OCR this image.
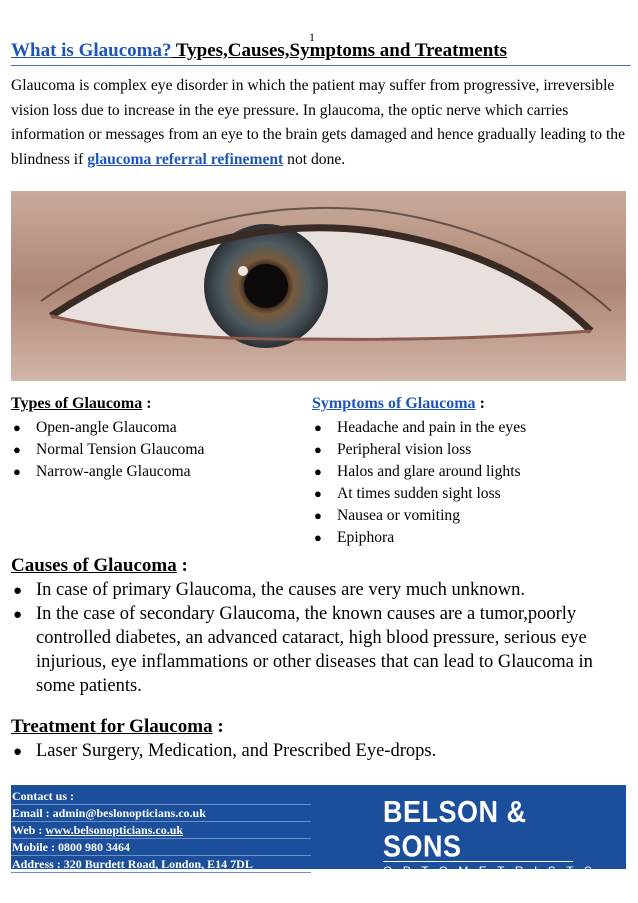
1
What is Glaucoma? Types,Causes,Symptoms and Treatments
Glaucoma is complex eye disorder in which the patient may suffer from progressive, irreversible vision loss due to increase in the eye pressure. In glaucoma, the optic nerve which carries information or messages from an eye to the brain gets damaged and hence gradually leading to the blindness if glaucoma referral refinement not done.
Types of Glaucoma :
● Open-angle Glaucoma
● Normal Tension Glaucoma
● Narrow-angle Glaucoma
Symptoms of Glaucoma :
● Headache and pain in the eyes
● Peripheral vision loss
● Halos and glare around lights
● At times sudden sight loss
● Nausea or vomiting
● Epiphora
Causes of Glaucoma :
● In case of primary Glaucoma, the causes are very much unknown.
● In the case of secondary Glaucoma, the known causes are a tumor,poorly controlled diabetes, an advanced cataract, high blood pressure, serious eye injurious, eye inflammations or other diseases that can lead to Glaucoma in some patients.
Treatment for Glaucoma :
● Laser Surgery, Medication, and Prescribed Eye-drops.
Contact us :
Email : admin@beslonopticians.co.uk
Web : www.belsonopticians.co.uk
Mobile : 0800 980 3464
Address : 320 Burdett Road, London, E14 7DL
BELSON & SONS
OPTOMETRISTS
